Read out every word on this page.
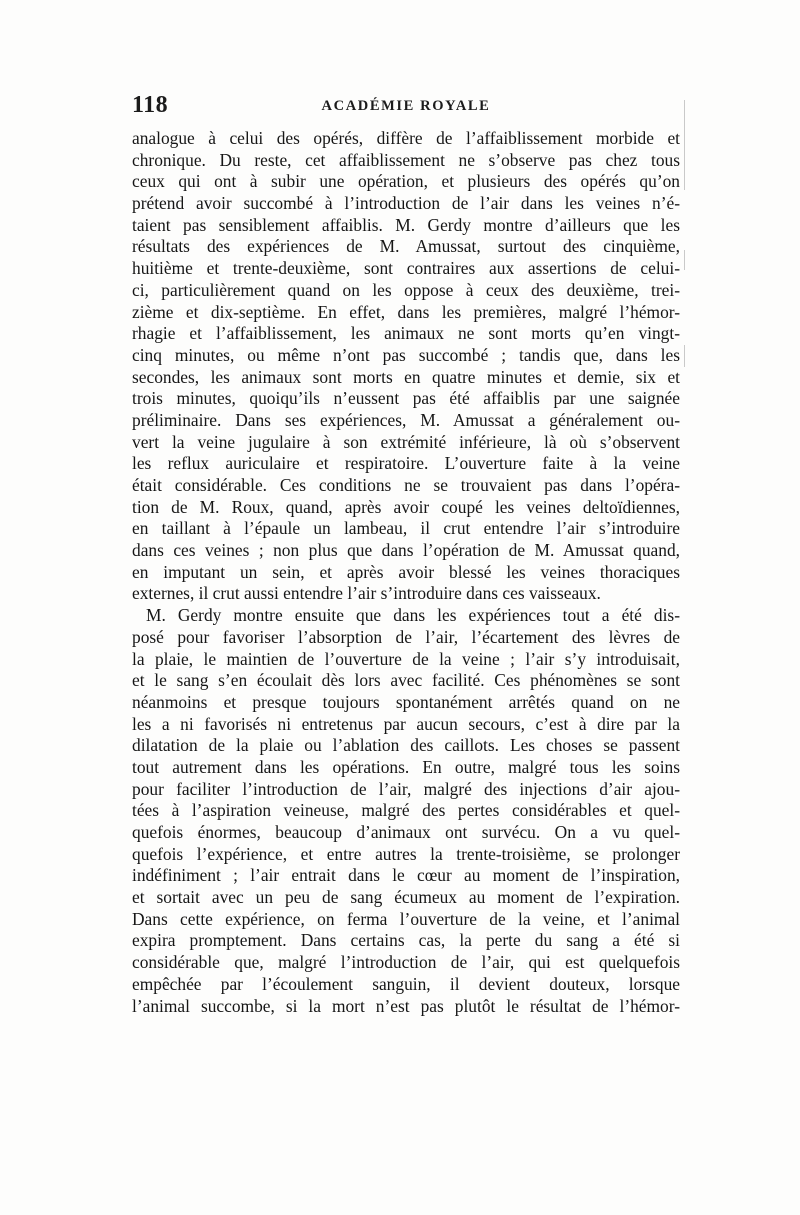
118	ACADÉMIE ROYALE
analogue à celui des opérés, diffère de l’affaiblissement morbide et
chronique. Du reste, cet affaiblissement ne s’observe pas chez tous
ceux qui ont à subir une opération, et plusieurs des opérés qu’on
prétend avoir succombé à l’introduction de l’air dans les veines n’é-
taient pas sensiblement affaiblis. M. Gerdy montre d’ailleurs que les
résultats des expériences de M. Amussat, surtout des cinquième,
huitième et trente-deuxième, sont contraires aux assertions de celui-
ci, particulièrement quand on les oppose à ceux des deuxième, trei-
zième et dix-septième. En effet, dans les premières, malgré l’hémor-
rhagie et l’affaiblissement, les animaux ne sont morts qu’en vingt-
cinq minutes, ou même n’ont pas succombé ; tandis que, dans les
secondes, les animaux sont morts en quatre minutes et demie, six et
trois minutes, quoiqu’ils n’eussent pas été affaiblis par une saignée
préliminaire. Dans ses expériences, M. Amussat a généralement ou-
vert la veine jugulaire à son extrémité inférieure, là où s’observent
les reflux auriculaire et respiratoire. L’ouverture faite à la veine
était considérable. Ces conditions ne se trouvaient pas dans l’opéra-
tion de M. Roux, quand, après avoir coupé les veines deltoïdiennes,
en taillant à l’épaule un lambeau, il crut entendre l’air s’introduire
dans ces veines ; non plus que dans l’opération de M. Amussat quand,
en imputant un sein, et après avoir blessé les veines thoraciques
externes, il crut aussi entendre l’air s’introduire dans ces vaisseaux.
M. Gerdy montre ensuite que dans les expériences tout a été dis-
posé pour favoriser l’absorption de l’air, l’écartement des lèvres de
la plaie, le maintien de l’ouverture de la veine ; l’air s’y introduisait,
et le sang s’en écoulait dès lors avec facilité. Ces phénomènes se sont
néanmoins et presque toujours spontanément arrêtés quand on ne
les a ni favorisés ni entretenus par aucun secours, c’est à dire par la
dilatation de la plaie ou l’ablation des caillots. Les choses se passent
tout autrement dans les opérations. En outre, malgré tous les soins
pour faciliter l’introduction de l’air, malgré des injections d’air ajou-
tées à l’aspiration veineuse, malgré des pertes considérables et quel-
quefois énormes, beaucoup d’animaux ont survécu. On a vu quel-
quefois l’expérience, et entre autres la trente-troisième, se prolonger
indéfiniment ; l’air entrait dans le cœur au moment de l’inspiration,
et sortait avec un peu de sang écumeux au moment de l’expiration.
Dans cette expérience, on ferma l’ouverture de la veine, et l’animal
expira promptement. Dans certains cas, la perte du sang a été si
considérable que, malgré l’introduction de l’air, qui est quelquefois
empêchée par l’écoulement sanguin, il devient douteux, lorsque
l’animal succombe, si la mort n’est pas plutôt le résultat de l’hémor-
